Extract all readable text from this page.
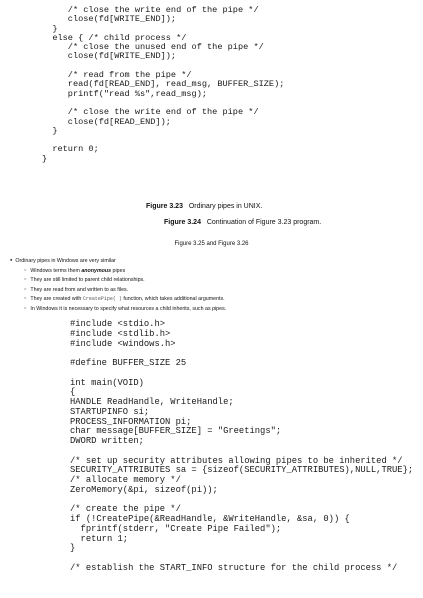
/* close the write end of the pipe */
close(fd[WRITE_END]);
}
else { /* child process */
/* close the unused end of the pipe */
close(fd[WRITE_END]);

/* read from the pipe */
read(fd[READ_END], read_msg, BUFFER_SIZE);
printf("read %s",read_msg);

/* close the write end of the pipe */
close(fd[READ_END]);
}

return 0;
}
Figure 3.23 Ordinary pipes in UNIX.
Figure 3.24 Continuation of Figure 3.23 program.
Figure 3.25 and Figure 3.26
● Ordinary pipes in Windows are very similar
○ Windows terms them anonymous pipes
○ They are still limited to parent child relationships.
○ They are read from and written to as files.
○ They are created with CreatePipe( ) function, which takes additional arguments.
○ In Windows it is necessary to specify what resources a child inherits, such as pipes.
#include <stdio.h>
#include <stdlib.h>
#include <windows.h>

#define BUFFER_SIZE 25

int main(VOID)
{
HANDLE ReadHandle, WriteHandle;
STARTUPINFO si;
PROCESS_INFORMATION pi;
char message[BUFFER_SIZE] = "Greetings";
DWORD written;

/* set up security attributes allowing pipes to be inherited */
SECURITY_ATTRIBUTES sa = {sizeof(SECURITY_ATTRIBUTES),NULL,TRUE};
/* allocate memory */
ZeroMemory(&pi, sizeof(pi));

/* create the pipe */
if (!CreatePipe(&ReadHandle, &WriteHandle, &sa, 0)) {
fprintf(stderr, "Create Pipe Failed");
return 1;
}

/* establish the START_INFO structure for the child process */
